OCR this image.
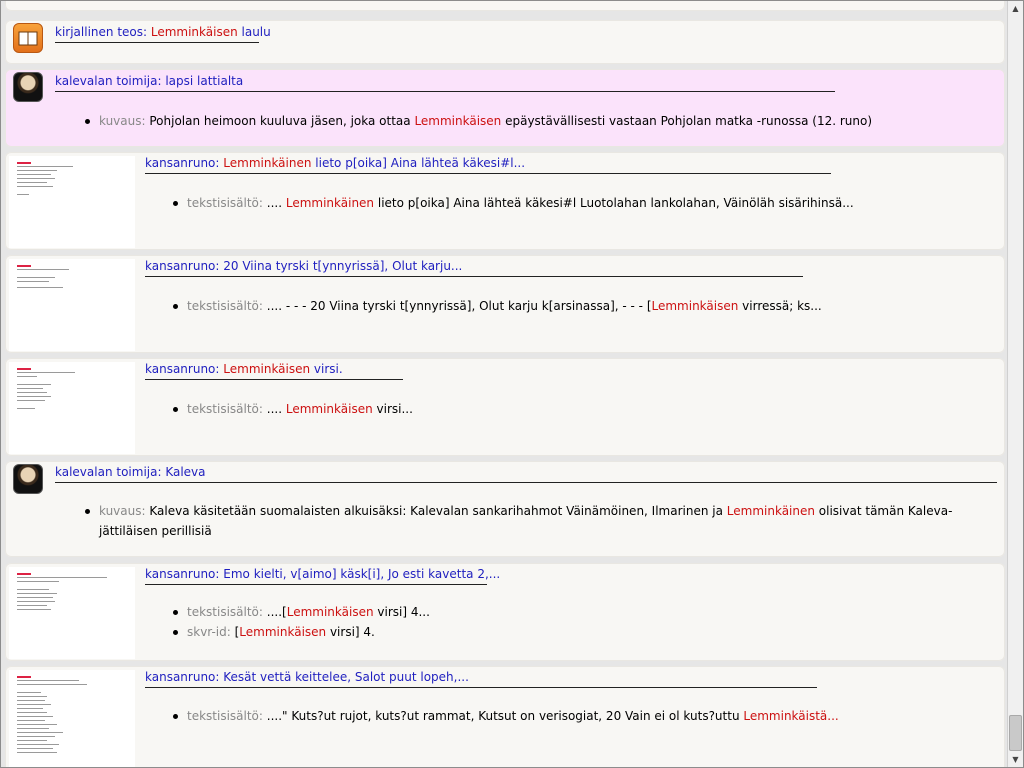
kirjallinen teos: Lemminkäisen laulu
kalevalan toimija: lapsi lattialta
kuvaus: Pohjolan heimoon kuuluva jäsen, joka ottaa Lemminkäisen epäystävällisesti vastaan Pohjolan matka -runossa (12. runo)
kansanruno: Lemminkäinen lieto p[oika] Aina lähteä käkesi#l...
tekstisisältö: .... Lemminkäinen lieto p[oika] Aina lähteä käkesi#l Luotolahan lankolahan, Väinöläh sisärihinsä...
kansanruno: 20 Viina tyrski t[ynnyrissä], Olut karju...
tekstisisältö: .... - - - 20 Viina tyrski t[ynnyrissä], Olut karju k[arsinassa], - - - [Lemminkäisen virressä; ks...
kansanruno: Lemminkäisen virsi.
tekstisisältö: .... Lemminkäisen virsi...
kalevalan toimija: Kaleva
kuvaus: Kaleva käsitetään suomalaisten alkuisäksi: Kalevalan sankarihahmot Väinämöinen, Ilmarinen ja Lemminkäinen olisivat tämän Kaleva-jättiläisen perillisiä
kansanruno: Emo kielti, v[aimo] käsk[i], Jo esti kavetta 2,...
tekstisisältö: ....[Lemminkäisen virsi] 4...
skvr-id: [Lemminkäisen virsi] 4.
kansanruno: Kesät vettä keittelee, Salot puut lopeh,...
tekstisisältö: ...." Kuts?ut rujot, kuts?ut rammat, Kutsut on verisogiat, 20 Vain ei ol kuts?uttu Lemminkäistä...
▲
▼
